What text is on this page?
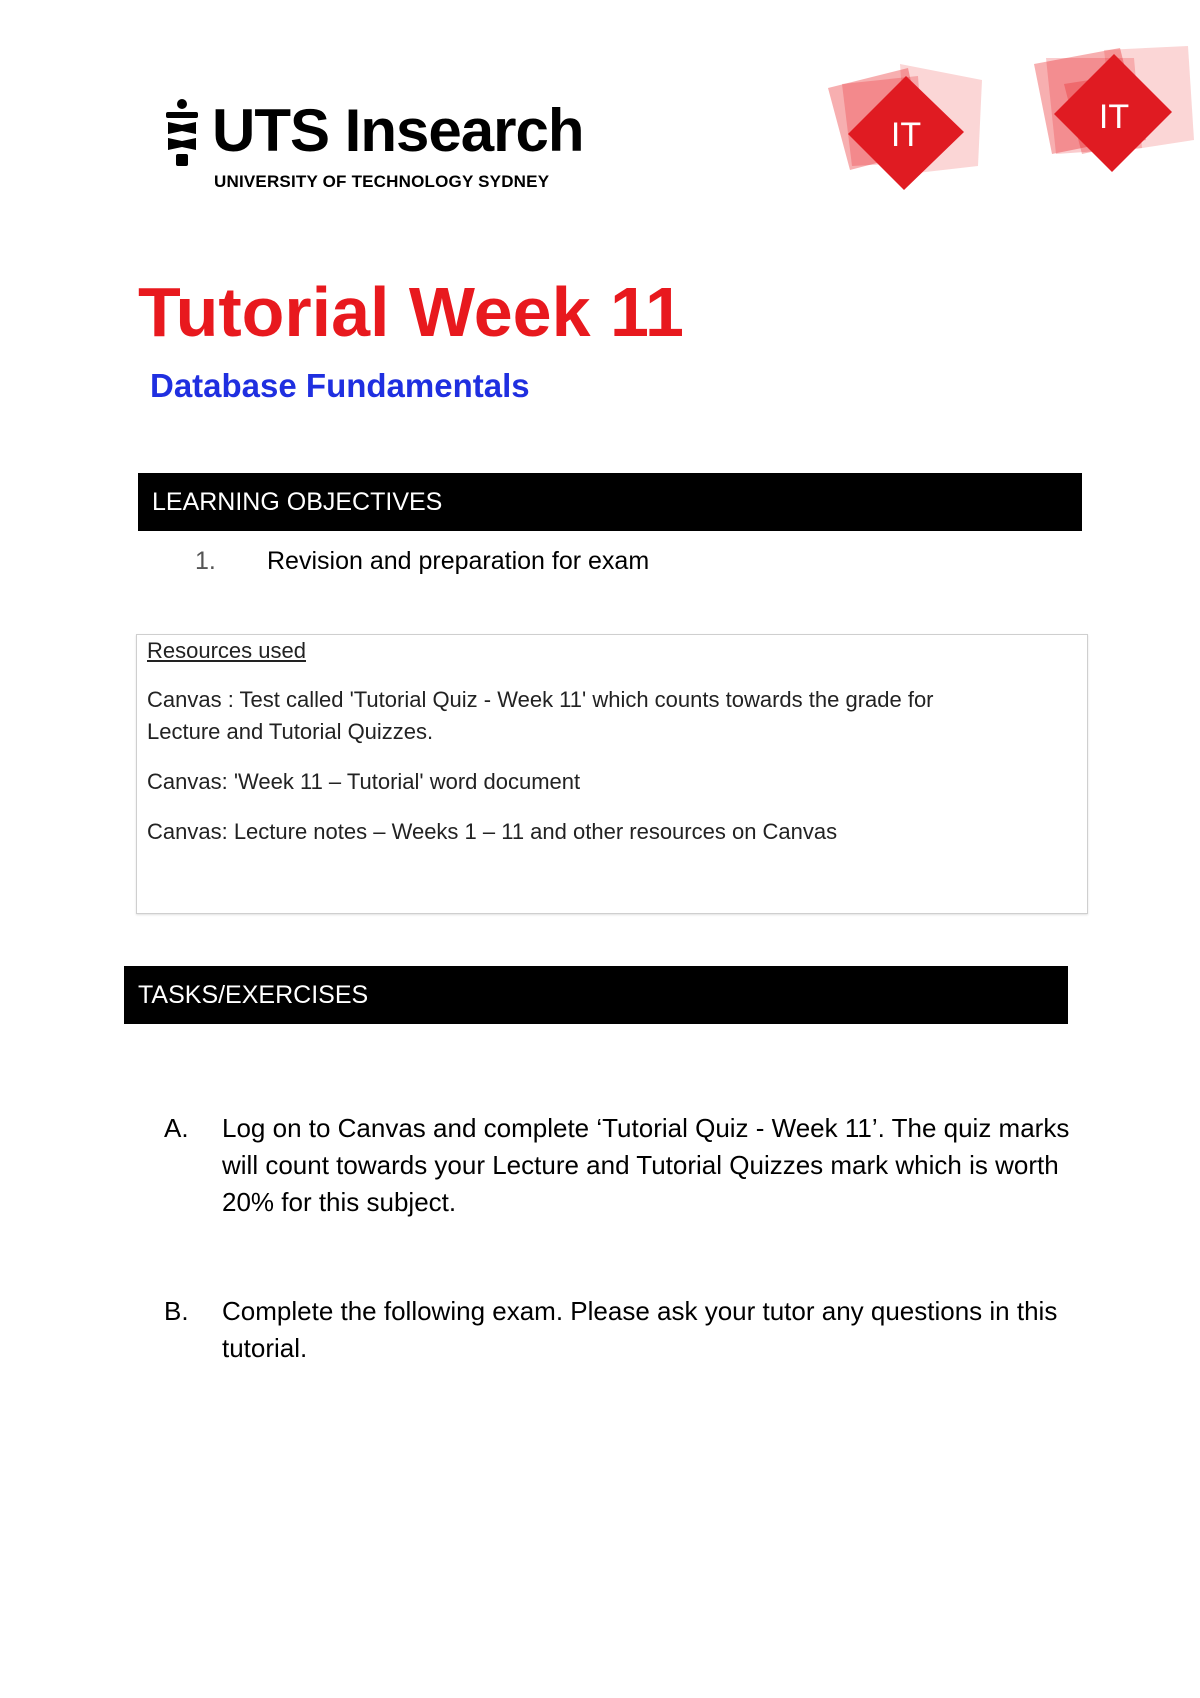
UTS Insearch
UNIVERSITY OF TECHNOLOGY SYDNEY
IT	IT
Tutorial Week 11
Database Fundamentals
LEARNING OBJECTIVES
1. Revision and preparation for exam

Resources used

Canvas : Test called 'Tutorial Quiz - Week 11' which counts towards the grade for

Lecture and Tutorial Quizzes.

Canvas: 'Week 11 – Tutorial' word document

Canvas: Lecture notes – Weeks 1 – 11 and other resources on Canvas

TASKS/EXERCISES
A.	Log on to Canvas and complete ‘Tutorial Quiz - Week 11’. The quiz marks will count towards your Lecture and Tutorial Quizzes mark which is worth 20% for this subject.
B.	Complete the following exam. Please ask your tutor any questions in this tutorial.
